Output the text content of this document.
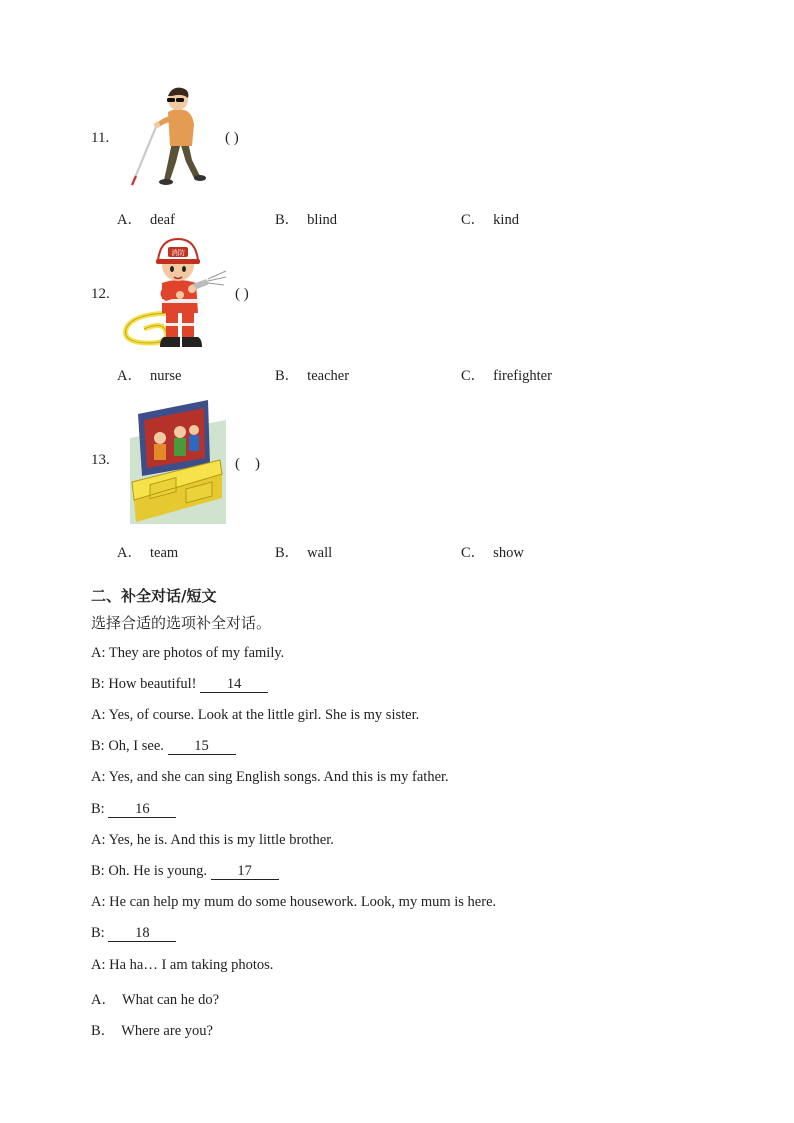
11.	( )
A． deaf	B． blind	C． kind
12.
消防
( )
A． nurse	B． teacher	C． firefighter
13.	(　)
A． team	B． wall	C． show
二、补全对话/短文
选择合适的选项补全对话。
A: They are photos of my family.
B: How beautiful! 14
A: Yes, of course. Look at the little girl. She is my sister.
B: Oh, I see. 15
A: Yes, and she can sing English songs. And this is my father.
B: 16
A: Yes, he is. And this is my little brother.
B: Oh. He is young. 17
A: He can help my mum do some housework. Look, my mum is here.
B: 18
A: Ha ha… I am taking photos.
A． What can he do?
B． Where are you?
